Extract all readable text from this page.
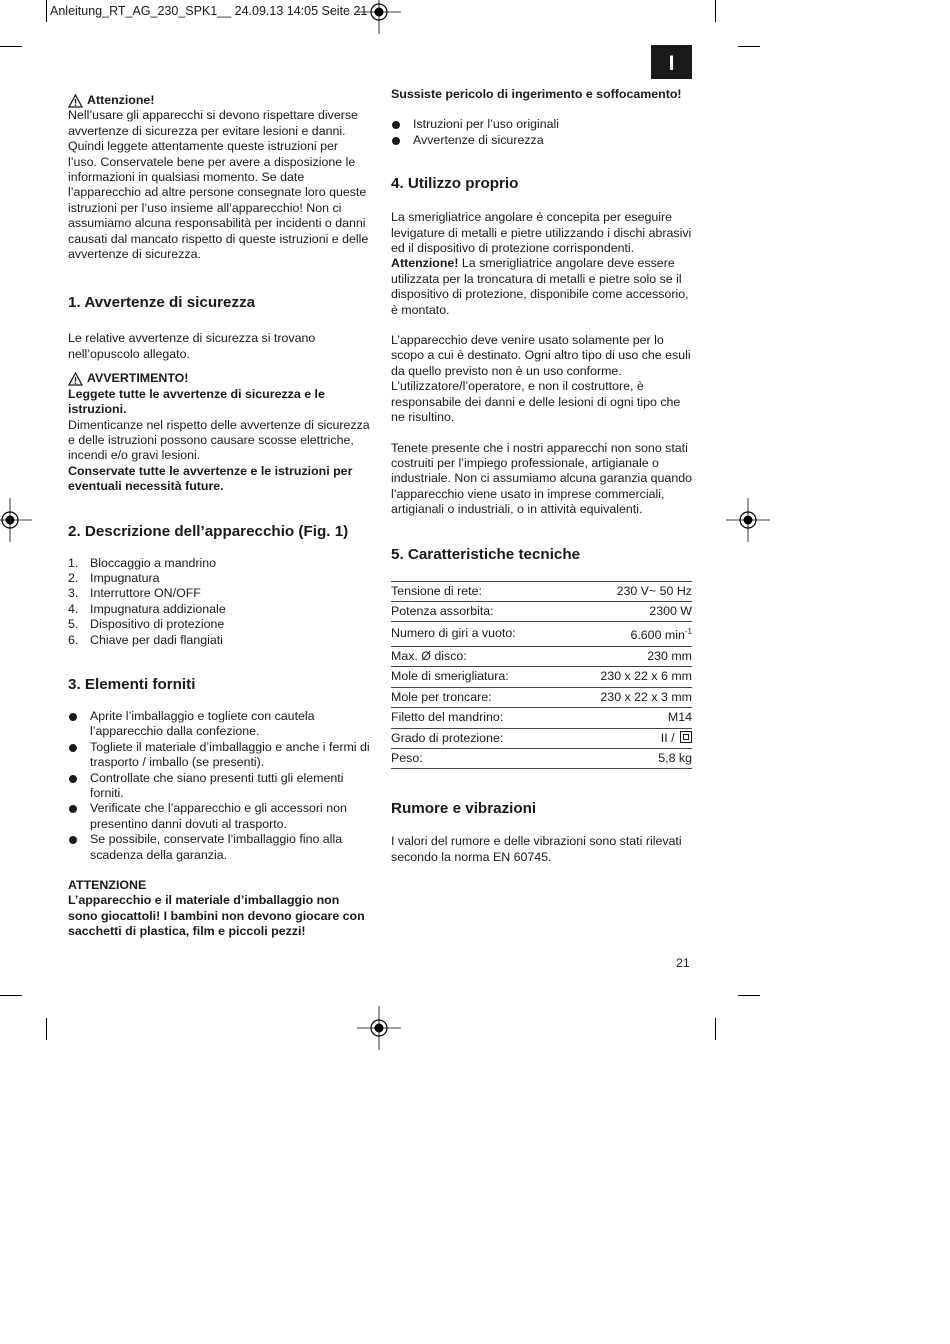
Anleitung_RT_AG_230_SPK1__ 24.09.13 14:05 Seite 21
I
Attenzione!

Nell’usare gli apparecchi si devono rispettare diverse avvertenze di sicurezza per evitare lesioni e danni. Quindi leggete attentamente queste istruzioni per l’uso. Conservatele bene per avere a disposizione le informazioni in qualsiasi momento. Se date l’apparecchio ad altre persone consegnate loro queste istruzioni per l’uso insieme all’apparecchio! Non ci assumiamo alcuna responsabilità per incidenti o danni causati dal mancato rispetto di queste istruzioni e delle avvertenze di sicurezza.

1. Avvertenze di sicurezza

Le relative avvertenze di sicurezza si trovano nell’opuscolo allegato.

AVVERTIMENTO!

Leggete tutte le avvertenze di sicurezza e le istruzioni.

Dimenticanze nel rispetto delle avvertenze di sicurezza e delle istruzioni possono causare scosse elettriche, incendi e/o gravi lesioni.

Conservate tutte le avvertenze e le istruzioni per eventuali necessità future.

2. Descrizione dell’apparecchio (Fig. 1)
1. Bloccaggio a mandrino
2. Impugnatura
3. Interruttore ON/OFF
4. Impugnatura addizionale
5. Dispositivo di protezione
6. Chiave per dadi flangiati
3. Elementi forniti
Aprite l’imballaggio e togliete con cautela l’apparecchio dalla confezione.
Togliete il materiale d’imballaggio e anche i fermi di trasporto / imballo (se presenti).
Controllate che siano presenti tutti gli elementi forniti.
Verificate che l’apparecchio e gli accessori non presentino danni dovuti al trasporto.
Se possibile, conservate l’imballaggio fino alla scadenza della garanzia.

ATTENZIONE

L’apparecchio e il materiale d’imballaggio non sono giocattoli! I bambini non devono giocare con sacchetti di plastica, film e piccoli pezzi!

Sussiste pericolo di ingerimento e soffocamento!

Istruzioni per l’uso originali
Avvertenze di sicurezza
4. Utilizzo proprio

La smerigliatrice angolare è concepita per eseguire levigature di metalli e pietre utilizzando i dischi abrasivi ed il dispositivo di protezione corrispondenti. Attenzione! La smerigliatrice angolare deve essere utilizzata per la troncatura di metalli e pietre solo se il dispositivo di protezione, disponibile come accessorio, è montato.

L’apparecchio deve venire usato solamente per lo scopo a cui è destinato. Ogni altro tipo di uso che esuli da quello previsto non è un uso conforme. L’utilizzatore/l’operatore, e non il costruttore, è responsabile dei danni e delle lesioni di ogni tipo che ne risultino.

Tenete presente che i nostri apparecchi non sono stati costruiti per l’impiego professionale, artigianale o industriale. Non ci assumiamo alcuna garanzia quando l’apparecchio viene usato in imprese commerciali, artigianali o industriali, o in attività equivalenti.

5. Caratteristiche tecniche
Tensione di rete:	230 V~ 50 Hz
Potenza assorbita:	2300 W
Numero di giri a vuoto:	6.600 $\min^{-1}$
Max. Ø disco:	230 mm
Mole di smerigliatura:	230 x 22 x 6 mm
Mole per troncare:	230 x 22 x 3 mm
Filetto del mandrino:	M14
Grado di protezione:	II /
Peso:	5,8 kg
Rumore e vibrazioni

I valori del rumore e delle vibrazioni sono stati rilevati secondo la norma EN 60745.

21
